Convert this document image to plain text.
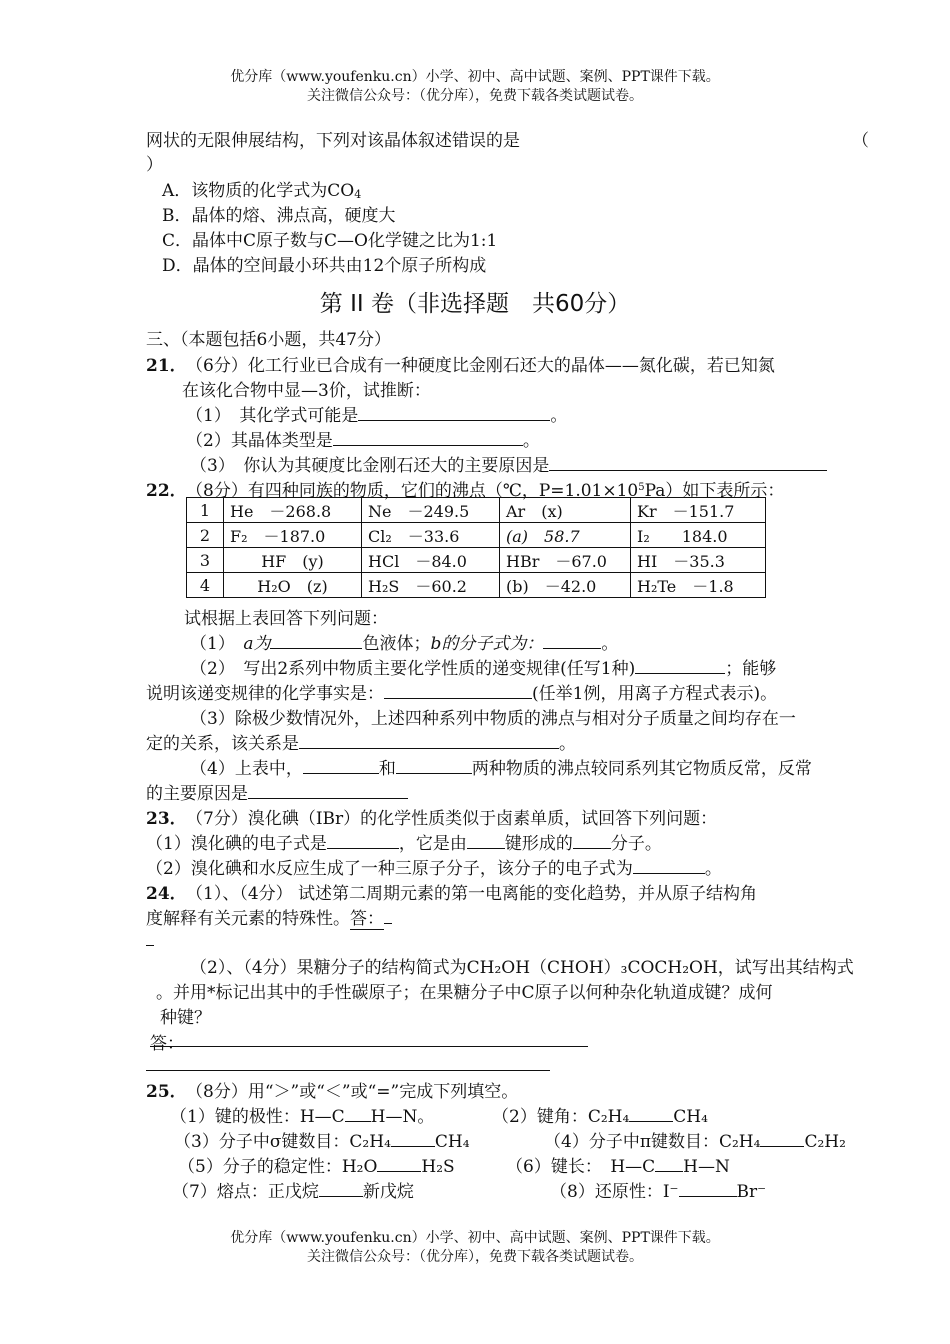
优分库（www.youfenku.cn）小学、初中、高中试题、案例、PPT课件下载。
关注微信公众号：（优分库），免费下载各类试题试卷。
网状的无限伸展结构，下列对该晶体叙述错误的是	（
）
A．该物质的化学式为$CO_4$
B．晶体的熔、沸点高，硬度大
C．晶体中C原子数与C—O化学键之比为1:1
D．晶体的空间最小环共由12个原子所构成
第 II 卷（非选择题　共60分）
三、（本题包括6小题，共47分）
21． （6分）化工行业已合成有一种硬度比金刚石还大的晶体——氮化碳，若已知氮
在该化合物中显—3价，试推断：
（1）　其化学式可能是	。
（2）其晶体类型是	。
（3）　你认为其硬度比金刚石还大的主要原因是
22． （8分）有四种同族的物质，它们的沸点（℃，$P=1.01\times 10^5Pa$）如下表所示：
1	He　－268.8	Ne　－249.5	Ar　(x)	Kr　－151.7
2	F₂　－187.0	Cl₂　－33.6	(a)　58.7	I₂　　184.0
3	HF　(y)	HCl　－84.0	HBr　－67.0	HI　－35.3
4	H₂O　(z)	H₂S　－60.2	(b)　－42.0	H₂Te　－1.8
试根据上表回答下列问题：
（1）　 a为	色液体；b的分子式为：	。
（2）　写出2系列中物质主要化学性质的递变规律(任写1种)	；能够
说明该递变规律的化学事实是：	(任举1例，用离子方程式表示)。
（3）除极少数情况外，上述四种系列中物质的沸点与相对分子质量之间均存在一
定的关系，该关系是	。
（4）上表中，	和	两种物质的沸点较同系列其它物质反常，反常
的主要原因是
23． （7分）溴化碘（IBr）的化学性质类似于卤素单质，试回答下列问题：
（1）溴化碘的电子式是	，它是由 键形成的 分子。
（2）溴化碘和水反应生成了一种三原子分子，该分子的电子式为	。
24． （1）、（4分） 试述第二周期元素的第一电离能的变化趋势，并从原子结构角
度解释有关元素的特殊性。答：
（2）、（4分）果糖分子的结构简式为CH₂OH（CHOH）₃COCH₂OH，试写出其结构式
。并用*标记出其中的手性碳原子；在果糖分子中C原子以何种杂化轨道成键？成何
种键？
答：
25． （8分）用“＞”或“＜”或“=”完成下列填空。
（1）键的极性：H—C H—N。	（2）键角：C₂H₄	CH₄
（3）分子中σ键数目：C₂H₄	CH₄	（4）分子中π键数目：C₂H₄	C₂H₂
（5）分子的稳定性：H₂O	H₂S	（6）键长：　H—C H—N
（7）熔点：正戊烷	新戊烷	（8）还原性：I⁻	Br⁻
优分库（www.youfenku.cn）小学、初中、高中试题、案例、PPT课件下载。
关注微信公众号：（优分库），免费下载各类试题试卷。
